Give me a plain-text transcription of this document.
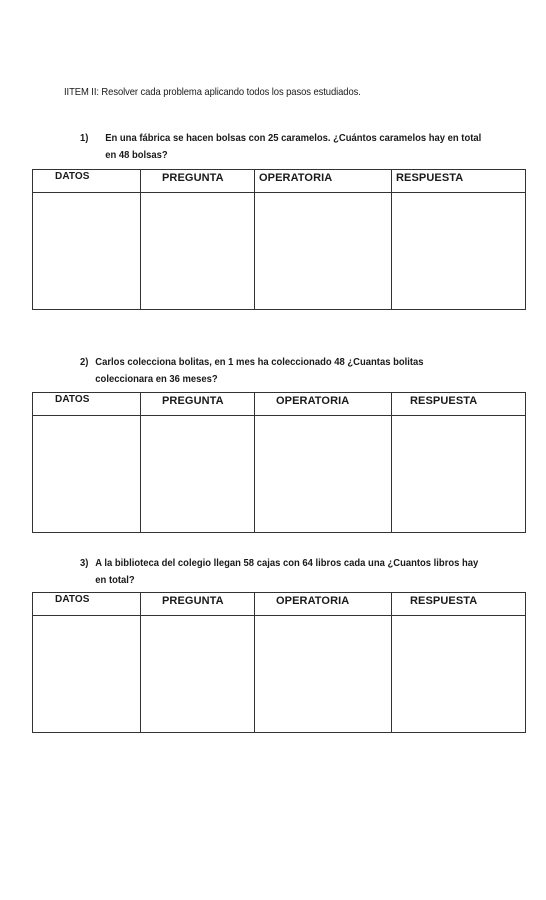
IITEM II: Resolver cada problema aplicando todos los pasos estudiados.
1)	En una fábrica se hacen bolsas con 25 caramelos. ¿Cuántos caramelos hay en total en 48 bolsas?
DATOS	PREGUNTA	OPERATORIA	RESPUESTA
2) Carlos colecciona bolitas, en 1 mes ha coleccionado 48 ¿Cuantas bolitas coleccionara en 36 meses?
DATOS	PREGUNTA	OPERATORIA	RESPUESTA
3) A la biblioteca del colegio llegan 58 cajas con 64 libros cada una ¿Cuantos libros hay en total?
DATOS	PREGUNTA	OPERATORIA	RESPUESTA
